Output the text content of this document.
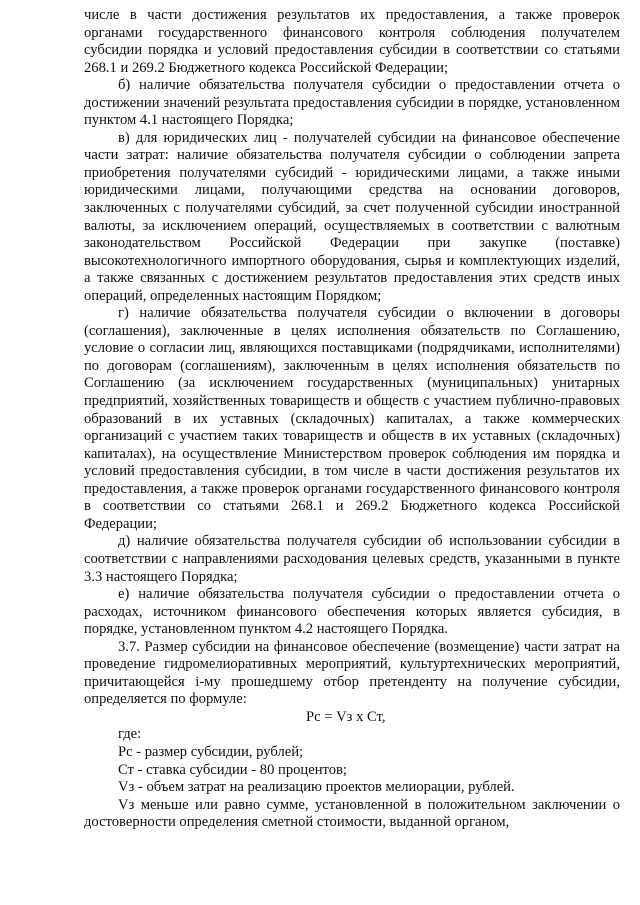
числе в части достижения результатов их предоставления, а также проверок органами государственного финансового контроля соблюдения получателем субсидии порядка и условий предоставления субсидии в соответствии со статьями 268.1 и 269.2 Бюджетного кодекса Российской Федерации;

б) наличие обязательства получателя субсидии о предоставлении отчета о достижении значений результата предоставления субсидии в порядке, установленном пунктом 4.1 настоящего Порядка;

в) для юридических лиц - получателей субсидии на финансовое обеспечение части затрат: наличие обязательства получателя субсидии о соблюдении запрета приобретения получателями субсидий - юридическими лицами, а также иными юридическими лицами, получающими средства на основании договоров, заключенных с получателями субсидий, за счет полученной субсидии иностранной валюты, за исключением операций, осуществляемых в соответствии с валютным законодательством Российской Федерации при закупке (поставке) высокотехнологичного импортного оборудования, сырья и комплектующих изделий, а также связанных с достижением результатов предоставления этих средств иных операций, определенных настоящим Порядком;

г) наличие обязательства получателя субсидии о включении в договоры (соглашения), заключенные в целях исполнения обязательств по Соглашению, условие о согласии лиц, являющихся поставщиками (подрядчиками, исполнителями) по договорам (соглашениям), заключенным в целях исполнения обязательств по Соглашению (за исключением государственных (муниципальных) унитарных предприятий, хозяйственных товариществ и обществ с участием публично-правовых образований в их уставных (складочных) капиталах, а также коммерческих организаций с участием таких товариществ и обществ в их уставных (складочных) капиталах), на осуществление Министерством проверок соблюдения им порядка и условий предоставления субсидии, в том числе в части достижения результатов их предоставления, а также проверок органами государственного финансового контроля в соответствии со статьями 268.1 и 269.2 Бюджетного кодекса Российской Федерации;

д) наличие обязательства получателя субсидии об использовании субсидии в соответствии с направлениями расходования целевых средств, указанными в пункте 3.3 настоящего Порядка;

е) наличие обязательства получателя субсидии о предоставлении отчета о расходах, источником финансового обеспечения которых является субсидия, в порядке, установленном пунктом 4.2 настоящего Порядка.

3.7. Размер субсидии на финансовое обеспечение (возмещение) части затрат на проведение гидромелиоративных мероприятий, культуртехнических мероприятий, причитающейся i-му прошедшему отбор претенденту на получение субсидии, определяется по формуле:

Рс = Vз х Ст,

где:

Рс - размер субсидии, рублей;

Ст - ставка субсидии - 80 процентов;

Vз - объем затрат на реализацию проектов мелиорации, рублей.

Vз меньше или равно сумме, установленной в положительном заключении о достоверности определения сметной стоимости, выданной органом,
